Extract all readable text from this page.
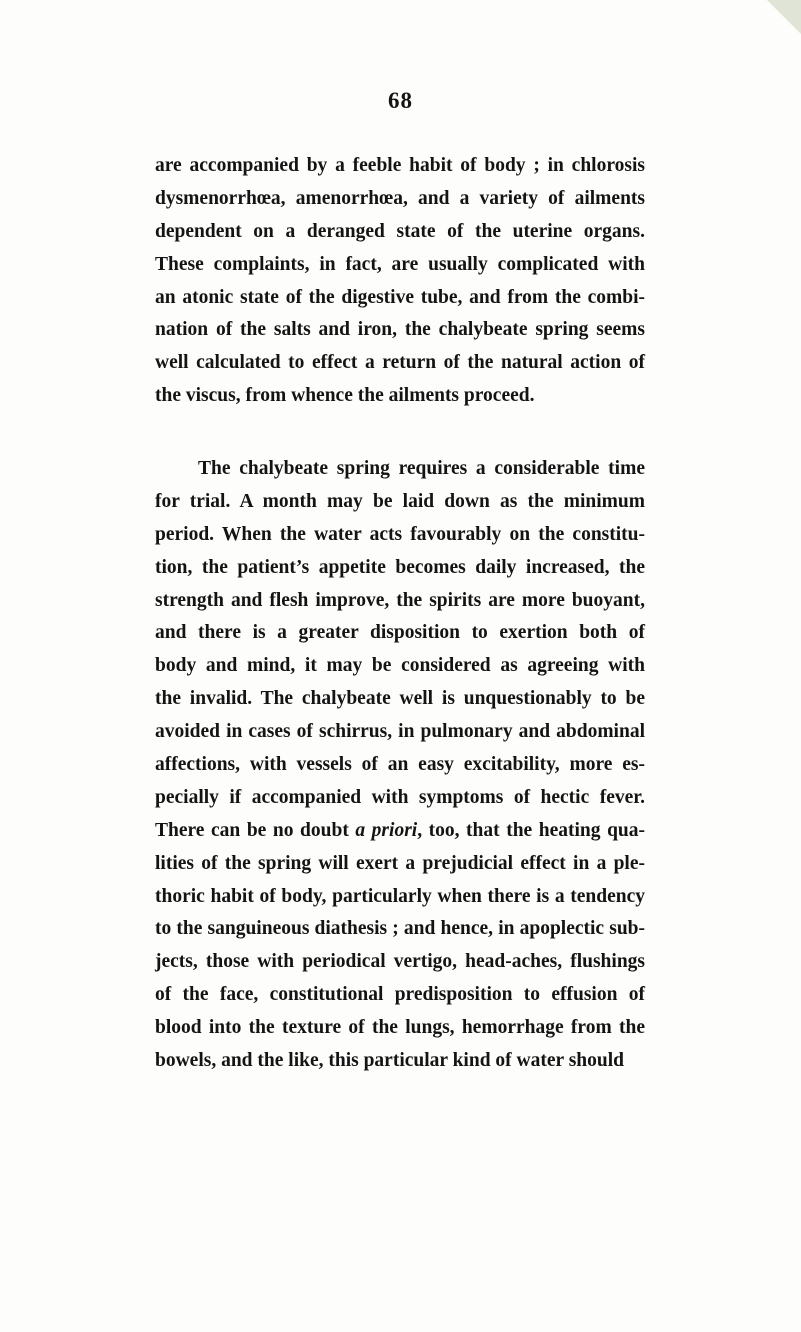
68
are accompanied by a feeble habit of body ; in chlorosis
dysmenorrhœa, amenorrhœa, and a variety of ailments
dependent on a deranged state of the uterine organs.
These complaints, in fact, are usually complicated with
an atonic state of the digestive tube, and from the combi-
nation of the salts and iron, the chalybeate spring seems
well calculated to effect a return of the natural action of
the viscus, from whence the ailments proceed.
The chalybeate spring requires a considerable time
for trial. A month may be laid down as the minimum
period. When the water acts favourably on the constitu-
tion, the patient’s appetite becomes daily increased, the
strength and flesh improve, the spirits are more buoyant,
and there is a greater disposition to exertion both of
body and mind, it may be considered as agreeing with
the invalid. The chalybeate well is unquestionably to be
avoided in cases of schirrus, in pulmonary and abdominal
affections, with vessels of an easy excitability, more es-
pecially if accompanied with symptoms of hectic fever.
There can be no doubt a priori, too, that the heating qua-
lities of the spring will exert a prejudicial effect in a ple-
thoric habit of body, particularly when there is a tendency
to the sanguineous diathesis ; and hence, in apoplectic sub-
jects, those with periodical vertigo, head-aches, flushings
of the face, constitutional predisposition to effusion of
blood into the texture of the lungs, hemorrhage from the
bowels, and the like, this particular kind of water should
